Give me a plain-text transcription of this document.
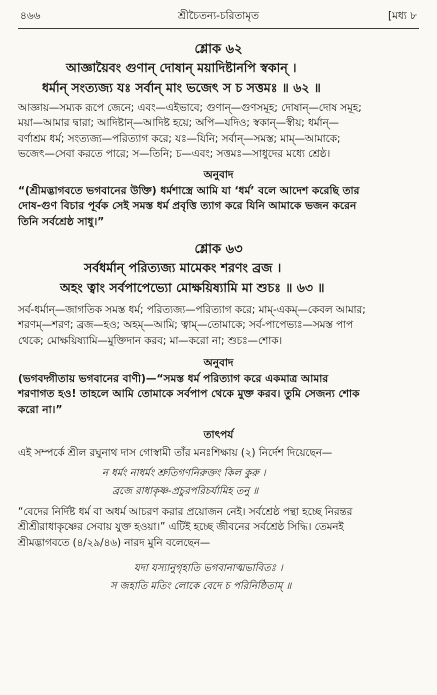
৪৬৬	শ্রীচৈতন্য-চরিতামৃত	[মধ্য ৮
শ্লোক ৬২
আজ্ঞায়ৈবং গুণান্ দোষান্ ময়াদিষ্টানপি স্বকান্ ।
ধর্মান্ সংত্যজ্য যঃ সর্বান্ মাং ভজেৎ স চ সত্তমঃ ॥ ৬২ ॥
আজ্ঞায়—সম্যক রূপে জেনে; এবং—এইভাবে; গুণান্—গুণসমূহ; দোষান্—দোষ সমূহ;
ময়া—আমার দ্বারা; আদিষ্টান্—আদিষ্ট হয়ে; অপি—যদিও; স্বকান্—স্বীয়; ধর্মান্—
বর্ণাশ্রম ধর্ম; সংত্যজ্য—পরিত্যাগ করে; যঃ—যিনি; সর্বান্—সমস্ত; মাম্—আমাকে;
ভজেৎ—সেবা করতে পারে; স—তিনি; চ—এবং; সত্তমঃ—সাধুদের মধ্যে শ্রেষ্ঠ।
অনুবাদ
“(শ্রীমদ্ভাগবতে ভগবানের উক্তি) ধর্মশাস্ত্রে আমি যা ‘ধর্ম’ বলে আদেশ করেছি তার
দোষ-গুণ বিচার পূর্বক সেই সমস্ত ধর্ম প্রবৃত্তি ত্যাগ করে যিনি আমাকে ভজন করেন
তিনি সর্বশ্রেষ্ঠ সাধু।”
শ্লোক ৬৩
সর্বধর্মান্ পরিত্যজ্য মামেকং শরণং ব্রজ ।
অহং ত্বাং সর্বপাপেভ্যো মোক্ষয়িষ্যামি মা শুচঃ ॥ ৬৩ ॥
সর্ব-ধর্মান্—জাগতিক সমস্ত ধর্ম; পরিত্যজ্য—পরিত্যাগ করে; মাম্-একম্—কেবল আমার;
শরণম্—শরণ; ব্রজ—হও; অহম্—আমি; ত্বাম্—তোমাকে; সর্ব-পাপেভ্যঃ—সমস্ত পাপ
থেকে; মোক্ষয়িষ্যামি—মুক্তিদান করব; মা—করো না; শুচঃ—শোক।
অনুবাদ
(ভগবদ্গীতায় ভগবানের বাণী)—“সমস্ত ধর্ম পরিত্যাগ করে একমাত্র আমার
শরণাগত হও! তাহলে আমি তোমাকে সর্বপাপ থেকে মুক্ত করব। তুমি সেজন্য শোক
করো না।”
তাৎপর্য
এই সম্পর্কে শ্রীল রঘুনাথ দাস গোস্বামী তাঁর মনঃশিক্ষায় (২) নির্দেশ দিয়েছেন—
ন ধর্মং নাধর্মং শ্রুতিগণনিরুক্তং কিল কুরু ।
ব্রজে রাধাকৃষ্ণ-প্রচুরপরিচর্যামিহ তনু ॥
“বেদের নির্দিষ্ট ধর্ম বা অধর্ম আচরণ করার প্রয়োজন নেই। সর্বশ্রেষ্ঠ পন্থা হচ্ছে নিরন্তর
শ্রীশ্রীরাধাকৃষ্ণের সেবায় যুক্ত হওয়া।” এটিই হচ্ছে জীবনের সর্বশ্রেষ্ঠ সিদ্ধি। তেমনই
শ্রীমদ্ভাগবতে (৪/২৯/৪৬) নারদ মুনি বলেছেন—
যদা যস্যানুগৃহাতি ভগবানাত্মভাবিতঃ ।
স জহাতি মতিং লোকে বেদে চ পরিনিষ্ঠিতাম্ ॥
